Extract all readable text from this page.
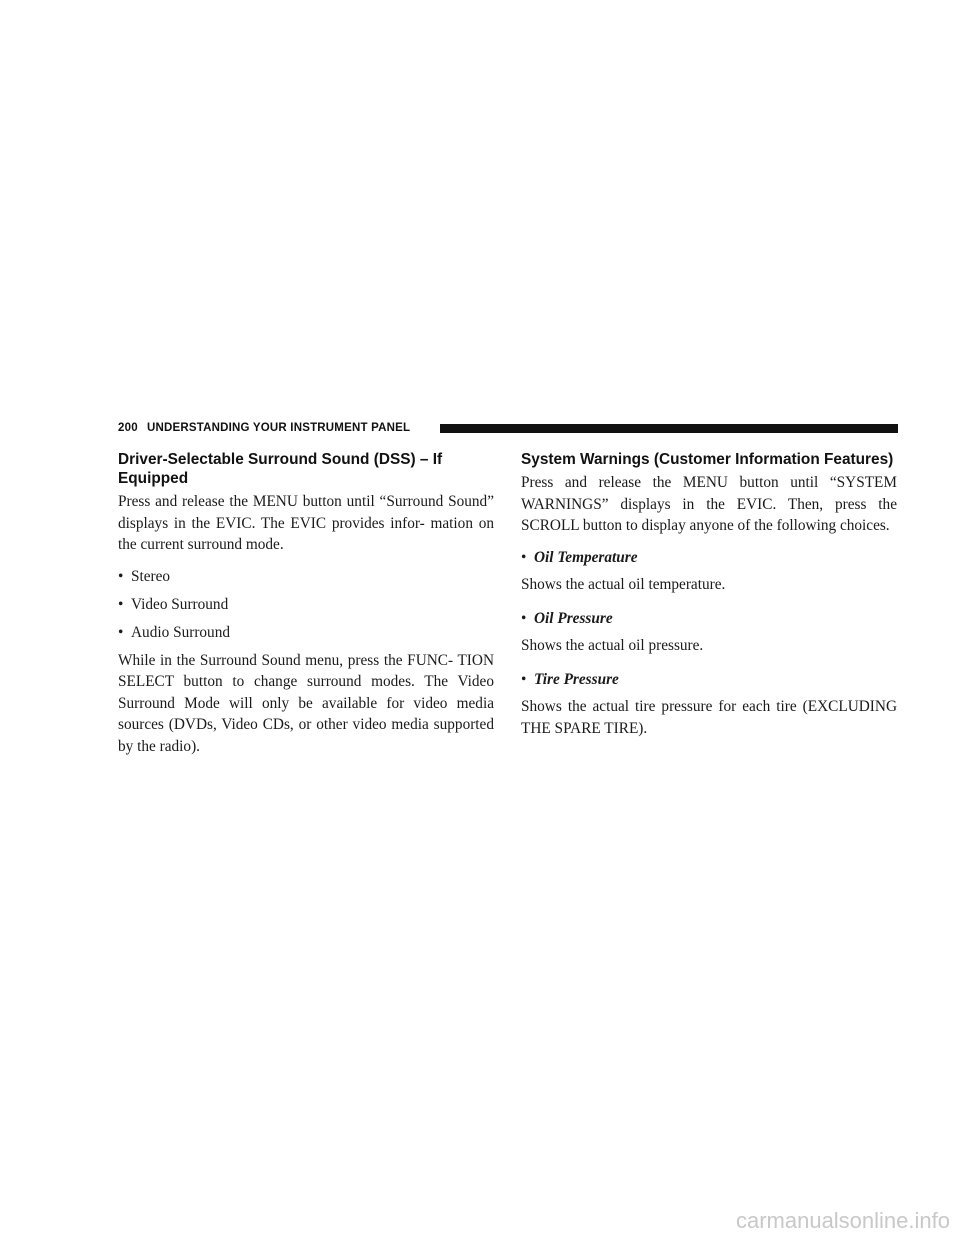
200 UNDERSTANDING YOUR INSTRUMENT PANEL
Driver-Selectable Surround Sound (DSS) – If Equipped

Press and release the MENU button until “Surround Sound” displays in the EVIC. The EVIC provides infor- mation on the current surround mode.

• Stereo
• Video Surround
• Audio Surround

While in the Surround Sound menu, press the FUNC- TION SELECT button to change surround modes. The Video Surround Mode will only be available for video media sources (DVDs, Video CDs, or other video media supported by the radio).

System Warnings (Customer Information Features)

Press and release the MENU button until “SYSTEM WARNINGS” displays in the EVIC. Then, press the SCROLL button to display anyone of the following choices.

• Oil Temperature

Shows the actual oil temperature.

• Oil Pressure

Shows the actual oil pressure.

• Tire Pressure

Shows the actual tire pressure for each tire (EXCLUDING THE SPARE TIRE).

carmanualsonline.info
